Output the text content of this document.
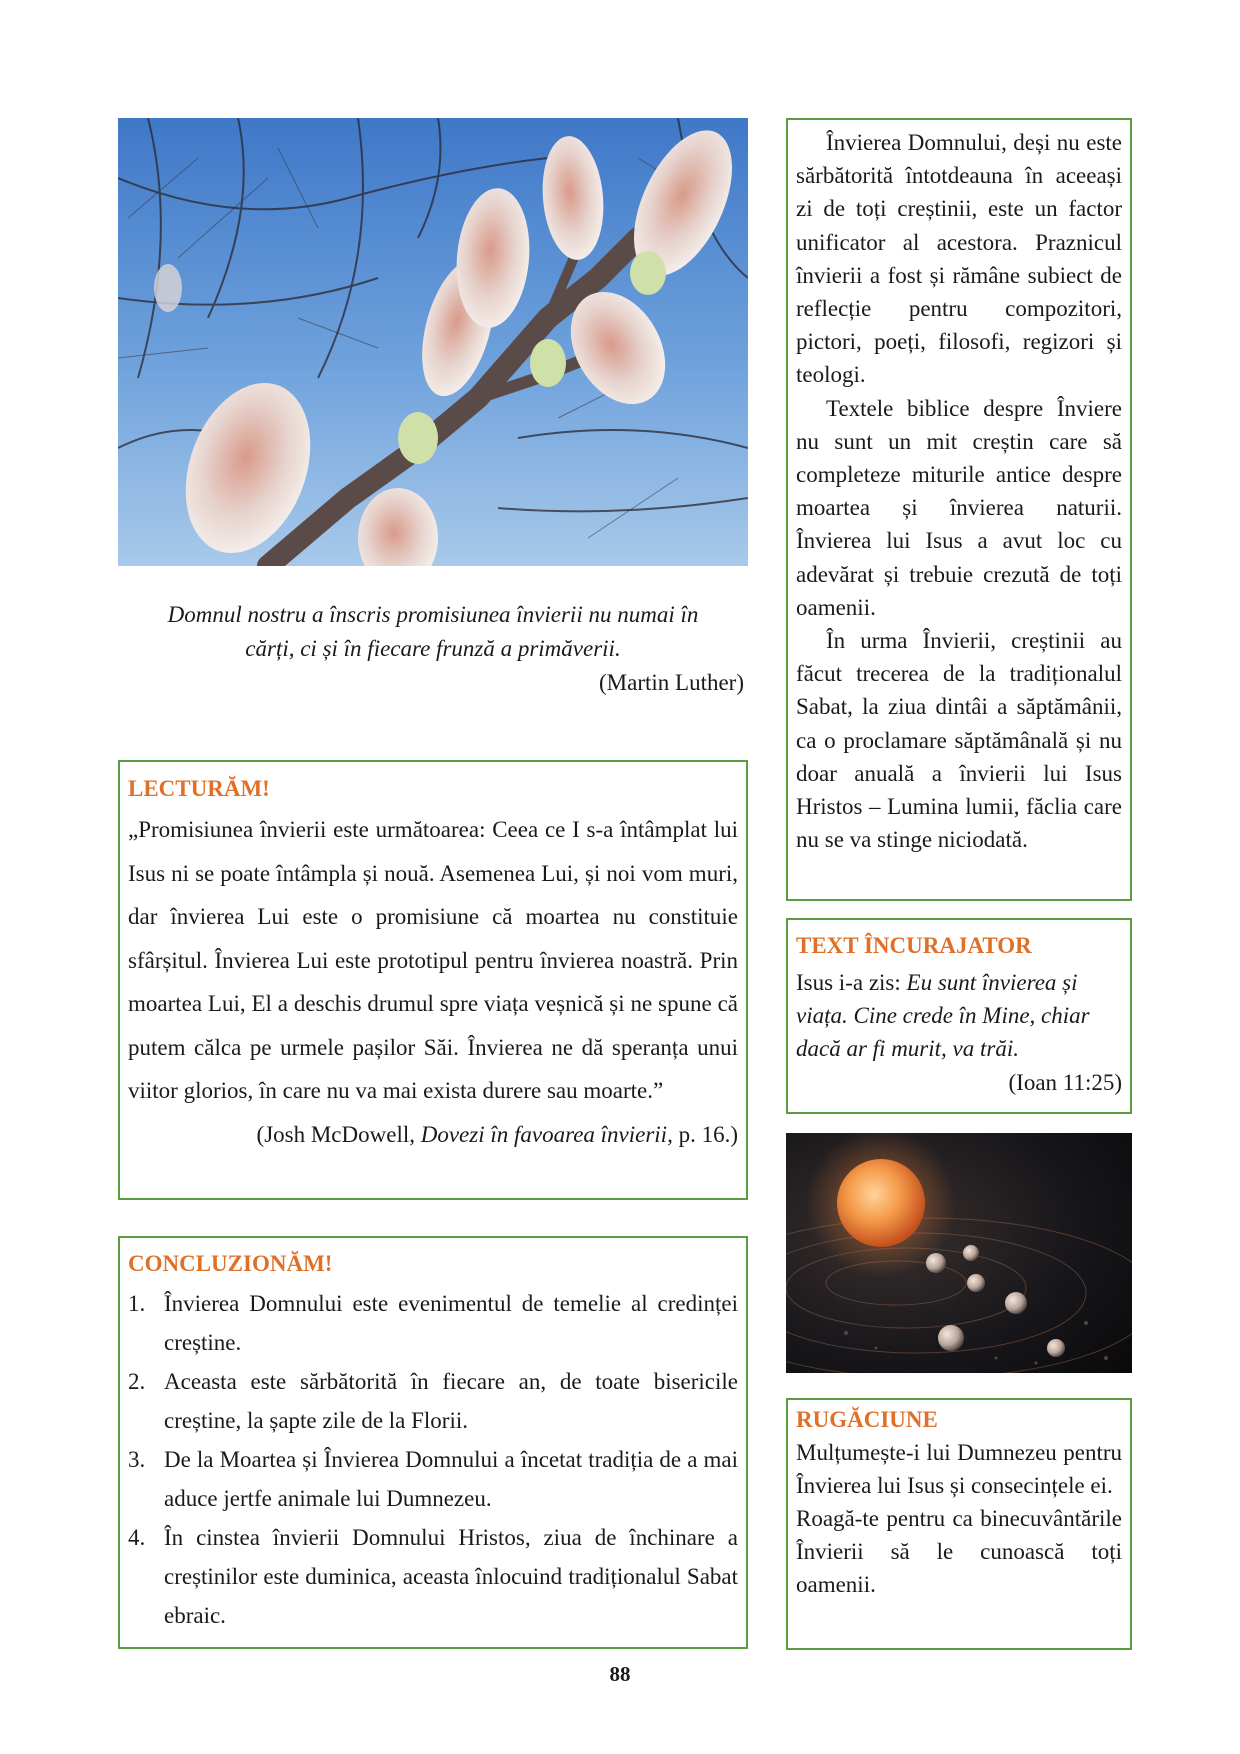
Domnul nostru a înscris promisiunea învierii nu numai în
cărți, ci și în fiecare frunză a primăverii.
(Martin Luther)
LECTURĂM!
„Promisiunea învierii este următoarea: Ceea ce I s-a întâmplat lui Isus ni se poate întâmpla și nouă. Asemenea Lui, și noi vom muri, dar învierea Lui este o promisiune că moartea nu constituie sfârșitul. Învierea Lui este prototipul pentru învierea noastră. Prin moartea Lui, El a deschis drumul spre viața veșnică și ne spune că putem călca pe urmele pașilor Săi. Învierea ne dă speranța unui viitor glorios, în care nu va mai exista durere sau moarte.”
(Josh McDowell, Dovezi în favoarea învierii, p. 16.)
CONCLUZIONĂM!
1. Învierea Domnului este evenimentul de temelie al credinței creștine.
2. Aceasta este sărbătorită în fiecare an, de toate bisericile creștine, la șapte zile de la Florii.
3. De la Moartea și Învierea Domnului a încetat tradiția de a mai aduce jertfe animale lui Dumnezeu.
4. În cinstea învierii Domnului Hristos, ziua de închinare a creștinilor este duminica, aceasta înlocuind tradiționalul Sabat ebraic.

Învierea Domnului, deși nu este sărbătorită întotdeauna în aceeași zi de toți creștinii, este un factor unificator al acestora. Praznicul învierii a fost și rămâne subiect de reflecție pentru compozitori, pictori, poeți, filosofi, regizori și teologi.

Textele biblice despre Înviere nu sunt un mit creștin care să completeze miturile antice despre moartea și învierea naturii. Învierea lui Isus a avut loc cu adevărat și trebuie crezută de toți oamenii.

În urma Învierii, creștinii au făcut trecerea de la tradiționalul Sabat, la ziua dintâi a săptămânii, ca o proclamare săptămânală și nu doar anuală a învierii lui Isus Hristos – Lumina lumii, făclia care nu se va stinge niciodată.

TEXT ÎNCURAJATOR
Isus i-a zis: Eu sunt învierea și viața. Cine crede în Mine, chiar dacă ar fi murit, va trăi.
(Ioan 11:25)
RUGĂCIUNE

Mulțumește-i lui Dumnezeu pentru Învierea lui Isus și consecințele ei.

Roagă-te pentru ca binecuvântările Învierii să le cunoască toți oamenii.

88
